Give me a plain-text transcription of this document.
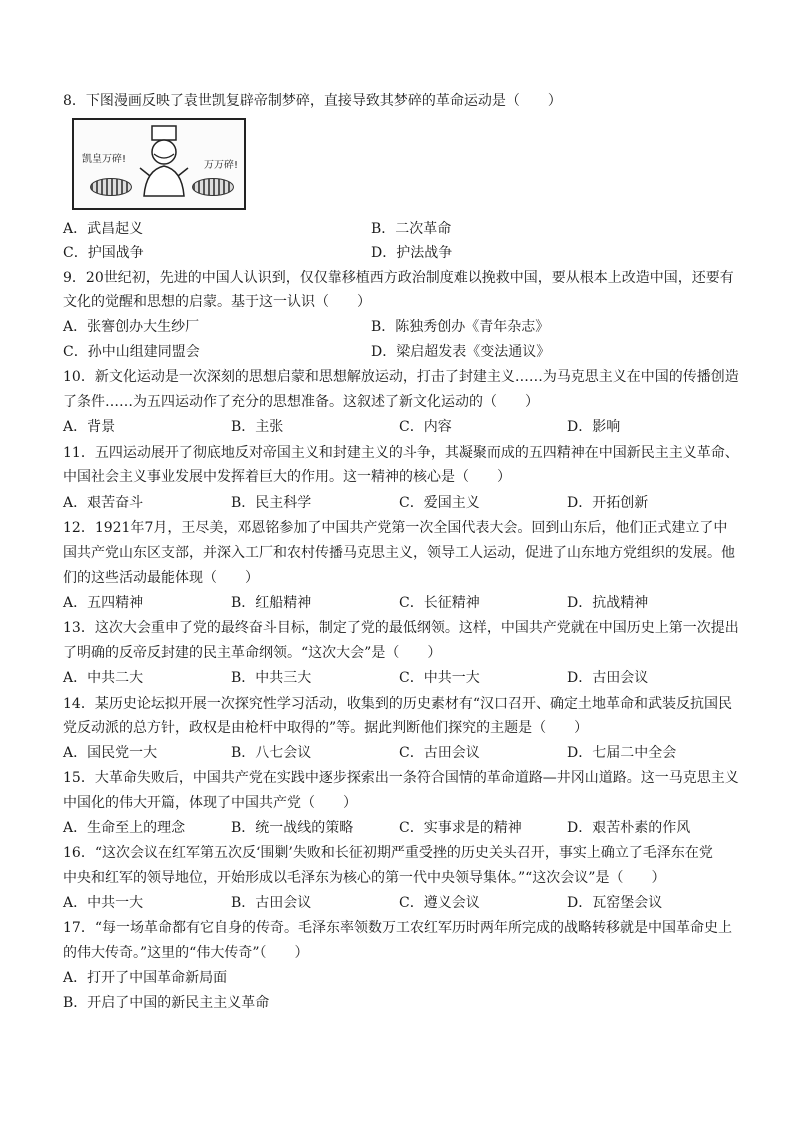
8．下图漫画反映了袁世凯复辟帝制梦碎，直接导致其梦碎的革命运动是（　　）
凯皇万碎!
万万碎!
A．武昌起义	B．二次革命
C．护国战争	D．护法战争
9．20世纪初，先进的中国人认识到，仅仅靠移植西方政治制度难以挽救中国，要从根本上改造中国，还要有
文化的觉醒和思想的启蒙。基于这一认识（　　）
A．张謇创办大生纱厂	B．陈独秀创办《青年杂志》
C．孙中山组建同盟会	D．梁启超发表《变法通议》
10．新文化运动是一次深刻的思想启蒙和思想解放运动，打击了封建主义……为马克思主义在中国的传播创造
了条件……为五四运动作了充分的思想准备。这叙述了新文化运动的（　　）
A．背景	B．主张	C．内容	D．影响
11．五四运动展开了彻底地反对帝国主义和封建主义的斗争，其凝聚而成的五四精神在中国新民主主义革命、
中国社会主义事业发展中发挥着巨大的作用。这一精神的核心是（　　）
A．艰苦奋斗	B．民主科学	C．爱国主义	D．开拓创新
12．1921年7月，王尽美，邓恩铭参加了中国共产党第一次全国代表大会。回到山东后，他们正式建立了中
国共产党山东区支部，并深入工厂和农村传播马克思主义，领导工人运动，促进了山东地方党组织的发展。他
们的这些活动最能体现（　　）
A．五四精神	B．红船精神	C．长征精神	D．抗战精神
13．这次大会重申了党的最终奋斗目标，制定了党的最低纲领。这样，中国共产党就在中国历史上第一次提出
了明确的反帝反封建的民主革命纲领。“这次大会”是（　　）
A．中共二大	B．中共三大	C．中共一大	D．古田会议
14．某历史论坛拟开展一次探究性学习活动，收集到的历史素材有“汉口召开、确定土地革命和武装反抗国民
党反动派的总方针，政权是由枪杆中取得的”等。据此判断他们探究的主题是（　　）
A．国民党一大	B．八七会议	C．古田会议	D．七届二中全会
15．大革命失败后，中国共产党在实践中逐步探索出一条符合国情的革命道路—井冈山道路。这一马克思主义
中国化的伟大开篇，体现了中国共产党（　　）
A．生命至上的理念	B．统一战线的策略	C．实事求是的精神	D．艰苦朴素的作风
16．“这次会议在红军第五次反‘围剿’失败和长征初期严重受挫的历史关头召开，事实上确立了毛泽东在党
中央和红军的领导地位，开始形成以毛泽东为核心的第一代中央领导集体。”“这次会议”是（　　）
A．中共一大	B．古田会议	C．遵义会议	D．瓦窑堡会议
17．“每一场革命都有它自身的传奇。毛泽东率领数万工农红军历时两年所完成的战略转移就是中国革命史上
的伟大传奇。”这里的“伟大传奇”（　　）
A．打开了中国革命新局面
B．开启了中国的新民主主义革命
